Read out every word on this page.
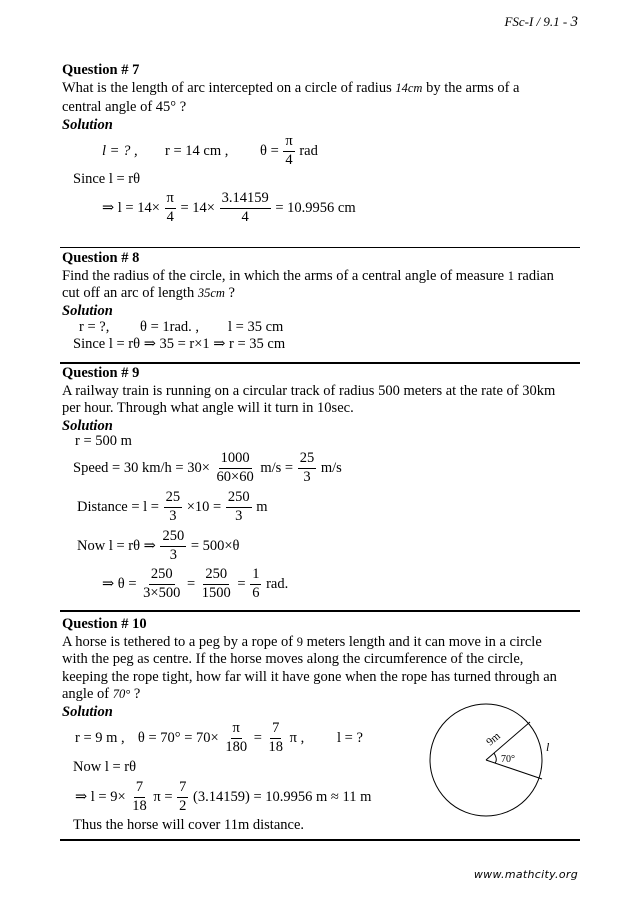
FSc-I / 9.1 - 3
Question # 7
What is the length of arc intercepted on a circle of radius 14cm by the arms of a
central angle of 45° ?
Solution
l = ? , r = 14 cm , $\theta = \frac{\pi}{4}$ rad
Since l = rθ
⇒ $l = 14\times \frac{\pi}{4} = 14\times \frac{3.14159}{4} = 10.9956$ cm
Question # 8
Find the radius of the circle, in which the arms of a central angle of measure 1 radian
cut off an arc of length 35cm ?
Solution
r = ?, θ = 1rad. , l = 35 cm
Since l = rθ ⇒ 35 = r×1 ⇒ r = 35 cm
Question # 9
A railway train is running on a circular track of radius 500 meters at the rate of 30km
per hour. Through what angle will it turn in 10sec.
Solution
r = 500 m
Speed = 30 $km/h = 30\times \frac{1000}{60\times 60} m/s = \frac{25}{3} m/s$
Distance = $l = \frac{25}{3} \times 10 = \frac{250}{3}$ m
Now l = rθ ⇒ $\frac{250}{3} = 500\times\theta$
⇒ $\theta = \frac{250}{3\times 500} = \frac{250}{1500} = \frac{1}{6}$ rad.
Question # 10
A horse is tethered to a peg by a rope of 9 meters length and it can move in a circle
with the peg as centre. If the horse moves along the circumference of the circle,
keeping the rope tight, how far will it have gone when the rope has turned through an
angle of 70° ?
Solution
r = 9 m , $\theta = 70^\circ = 70\times \frac{\pi}{180} = \frac{7}{18}$ π , l = ?
Now l = rθ
⇒ $l = 9\times \frac{7}{18}$ $\pi = \frac{7}{2} (3.14159) = 10.9956$ m ≈ 11 m
Thus the horse will cover 11m distance.
9m
70°
l
www.mathcity.org
